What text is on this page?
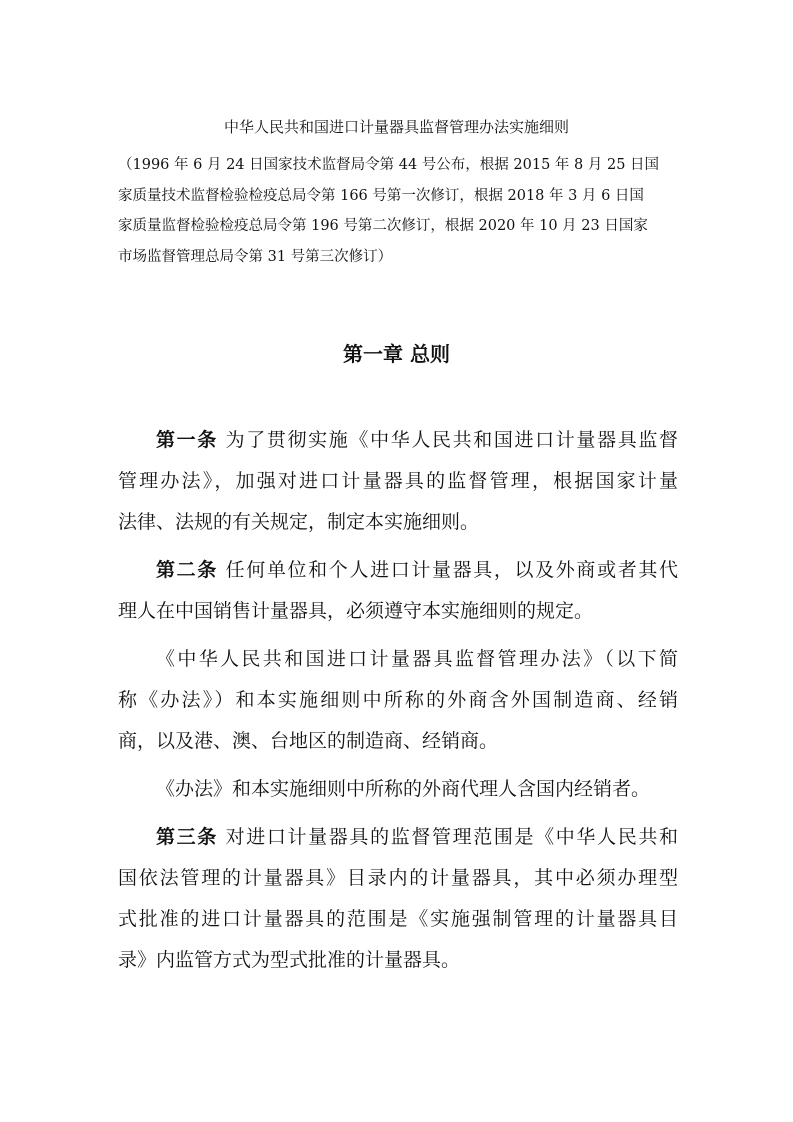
中华人民共和国进口计量器具监督管理办法实施细则
（1996 年 6 月 24 日国家技术监督局令第 44 号公布，根据 2015 年 8 月 25 日国
家质量技术监督检验检疫总局令第 166 号第一次修订，根据 2018 年 3 月 6 日国
家质量监督检验检疫总局令第 196 号第二次修订，根据 2020 年 10 月 23 日国家
市场监督管理总局令第 31 号第三次修订）
第一章 总则
第一条 为了贯彻实施《中华人民共和国进口计量器具监督
管理办法》，加强对进口计量器具的监督管理，根据国家计量
法律、法规的有关规定，制定本实施细则。
第二条 任何单位和个人进口计量器具，以及外商或者其代
理人在中国销售计量器具，必须遵守本实施细则的规定。
《中华人民共和国进口计量器具监督管理办法》（以下简
称《办法》）和本实施细则中所称的外商含外国制造商、经销
商，以及港、澳、台地区的制造商、经销商。
《办法》和本实施细则中所称的外商代理人含国内经销者。
第三条 对进口计量器具的监督管理范围是《中华人民共和
国依法管理的计量器具》目录内的计量器具，其中必须办理型
式批准的进口计量器具的范围是《实施强制管理的计量器具目
录》内监管方式为型式批准的计量器具。
